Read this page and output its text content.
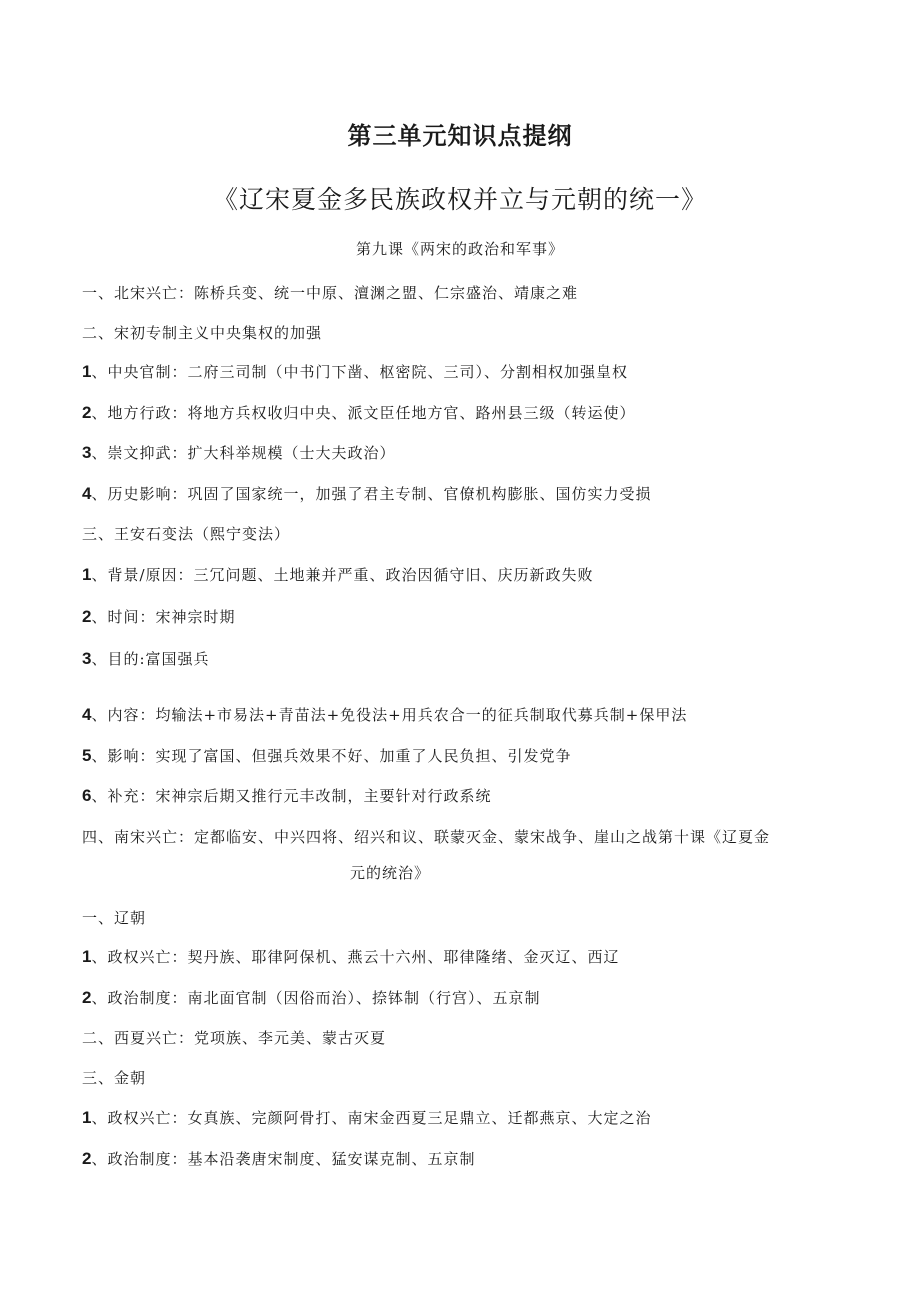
第三单元知识点提纲
《辽宋夏金多民族政权并立与元朝的统一》
第九课《两宋的政治和军事》
一、北宋兴亡：陈桥兵变、统一中原、澶渊之盟、仁宗盛治、靖康之难
二、宋初专制主义中央集权的加强
1、中央官制：二府三司制（中书门下凿、枢密院、三司）、分割相权加强皇权
2、地方行政：将地方兵权收归中央、派文臣任地方官、路州县三级（转运使）
3、崇文抑武：扩大科举规模（士大夫政治）
4、历史影响：巩固了国家统一，加强了君主专制、官僚机构膨胀、国仿实力受损
三、王安石变法（熙宁变法）
1、背景/原因：三冗问题、土地兼并严重、政治因循守旧、庆历新政失败
2、时间：宋神宗时期
3、目的:富国强兵
4、内容：均输法+市易法+青苗法+免役法+用兵农合一的征兵制取代募兵制+保甲法
5、影响：实现了富国、但强兵效果不好、加重了人民负担、引发党争
6、补充：宋神宗后期又推行元丰改制，主要针对行政系统
四、南宋兴亡：定都临安、中兴四将、绍兴和议、联蒙灭金、蒙宋战争、崖山之战第十课《辽夏金
元的统治》
一、辽朝
1、政权兴亡：契丹族、耶律阿保机、燕云十六州、耶律隆绪、金灭辽、西辽
2、政治制度：南北面官制（因俗而治）、捺钵制（行宫）、五京制
二、西夏兴亡：党项族、李元美、蒙古灭夏
三、金朝
1、政权兴亡：女真族、完颜阿骨打、南宋金西夏三足鼎立、迁都燕京、大定之治
2、政治制度：基本沿袭唐宋制度、猛安谋克制、五京制
